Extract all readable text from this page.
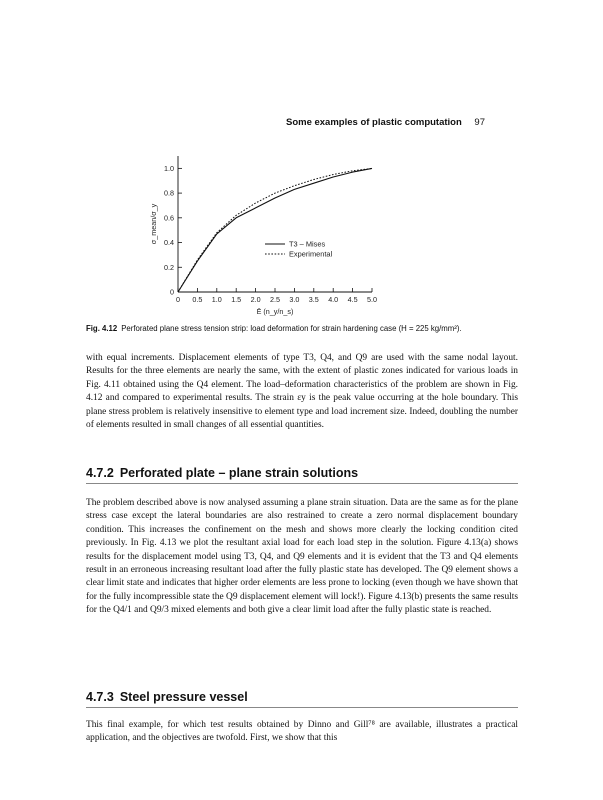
Some examples of plastic computation 97
0 0.5 1.0 1.5 2.0 2.5 3.0 3.5 4.0 4.5 5.0
0
0.2
0.4
0.6
0.8
1.0
Ē (n_y/n_s)
σ_mean/σ_y	T3 – Mises
Experimental
Fig. 4.12 Perforated plane stress tension strip: load deformation for strain hardening case (H = 225 kg/mm²).

with equal increments. Displacement elements of type T3, Q4, and Q9 are used with the same nodal layout. Results for the three elements are nearly the same, with the extent of plastic zones indicated for various loads in Fig. 4.11 obtained using the Q4 element. The load–deformation characteristics of the problem are shown in Fig. 4.12 and compared to experimental results. The strain εy is the peak value occurring at the hole boundary. This plane stress problem is relatively insensitive to element type and load increment size. Indeed, doubling the number of elements resulted in small changes of all essential quantities.

4.7.2 Perforated plate – plane strain solutions

The problem described above is now analysed assuming a plane strain situation. Data are the same as for the plane stress case except the lateral boundaries are also restrained to create a zero normal displacement boundary condition. This increases the confinement on the mesh and shows more clearly the locking condition cited previously. In Fig. 4.13 we plot the resultant axial load for each load step in the solution. Figure 4.13(a) shows results for the displacement model using T3, Q4, and Q9 elements and it is evident that the T3 and Q4 elements result in an erroneous increasing resultant load after the fully plastic state has developed. The Q9 element shows a clear limit state and indicates that higher order elements are less prone to locking (even though we have shown that for the fully incompressible state the Q9 displacement element will lock!). Figure 4.13(b) presents the same results for the Q4/1 and Q9/3 mixed elements and both give a clear limit load after the fully plastic state is reached.

4.7.3 Steel pressure vessel

This final example, for which test results obtained by Dinno and Gill⁷⁸ are available, illustrates a practical application, and the objectives are twofold. First, we show that this
